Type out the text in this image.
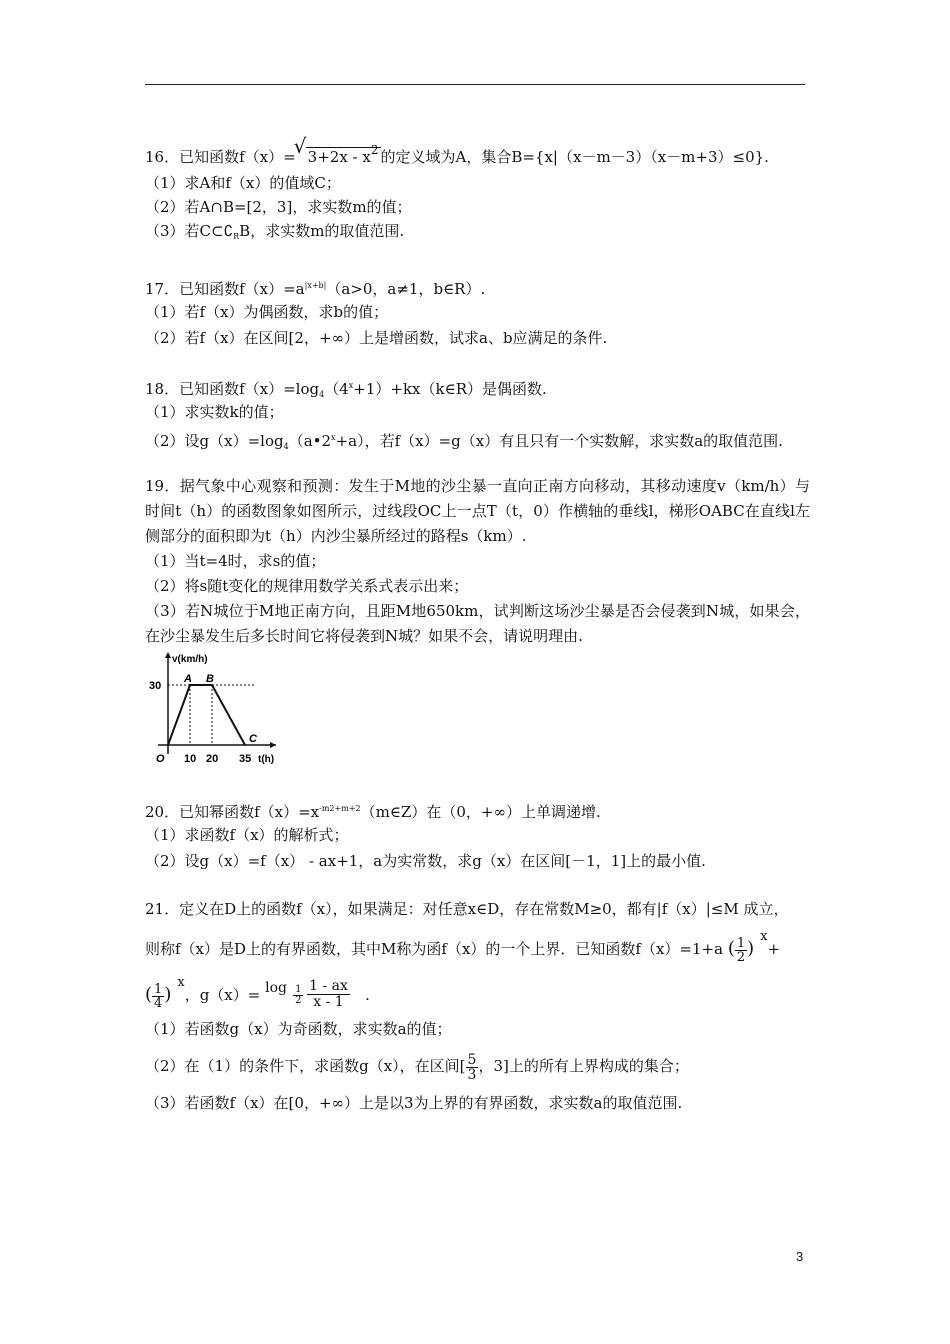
16．已知函数f（x）=√ $3+2x - x^2$ 的定义域为A，集合B={x|（x－m－3）（x－m+3）≤0}.
（1）求A和f（x）的值域C；
（2）若A∩B=[2，3]，求实数m的值；
（3）若$C\subset∁_RB$，求实数m的取值范围.
17．已知函数$f(x)=a^{|x+b|}(a>0$，a≠1，b∈R）.
（1）若f（x）为偶函数，求b的值；
（2）若f（x）在区间[2，+∞）上是增函数，试求a、b应满足的条件.
18．已知函数$f(x)=\log_4(4^x+1)+kx(k\in R)$是偶函数.
（1）求实数k的值；
（2）设$g(x)=\log_4(a•2^x+a)$，若f（x）=g（x）有且只有一个实数解，求实数a的取值范围.
19．据气象中心观察和预测：发生于M地的沙尘暴一直向正南方向移动，其移动速度v（km/h）与时间t（h）的函数图象如图所示，过线段OC上一点T（t，0）作横轴的垂线l，梯形OABC在直线l左侧部分的面积即为t（h）内沙尘暴所经过的路程s（km）.
（1）当t=4时，求s的值；
（2）将s随t变化的规律用数学关系式表示出来；
（3）若N城位于M地正南方向，且距M地650km，试判断这场沙尘暴是否会侵袭到N城，如果会，在沙尘暴发生后多长时间它将侵袭到N城？如果不会，请说明理由.
v(km/h)
t(h)
O 10 20 35
30
A B
C
20．已知幂函数$f(x)=x^{-m2+m+2}(m\in Z)$在（0，+∞）上单调递增.
（1）求函数f（x）的解析式；
（2）设g（x）=f（x） - ax+1，a为实常数，求g（x）在区间[－1，1]上的最小值.
21．定义在D上的函数f（x），如果满足：对任意x∈D，存在常数M≥0，都有|f（x）|≤M 成立，
则称f（x）是D上的有界函数，其中M称为函f（x）的一个上界．已知函数f（x）=1+a ( $\frac{1}{2} )x+$
( $\frac{1}{4} )x$，$g(x)= \log \frac{1}{2} \frac{1 - ax}{x - 1}$ .
（1）若函数g（x）为奇函数，求实数a的值；
（2）在（1）的条件下，求函数g（x），在区间[ $\frac{5}{3}$ ，3]上的所有上界构成的集合；
（3）若函数f（x）在[0，+∞）上是以3为上界的有界函数，求实数a的取值范围.
3
